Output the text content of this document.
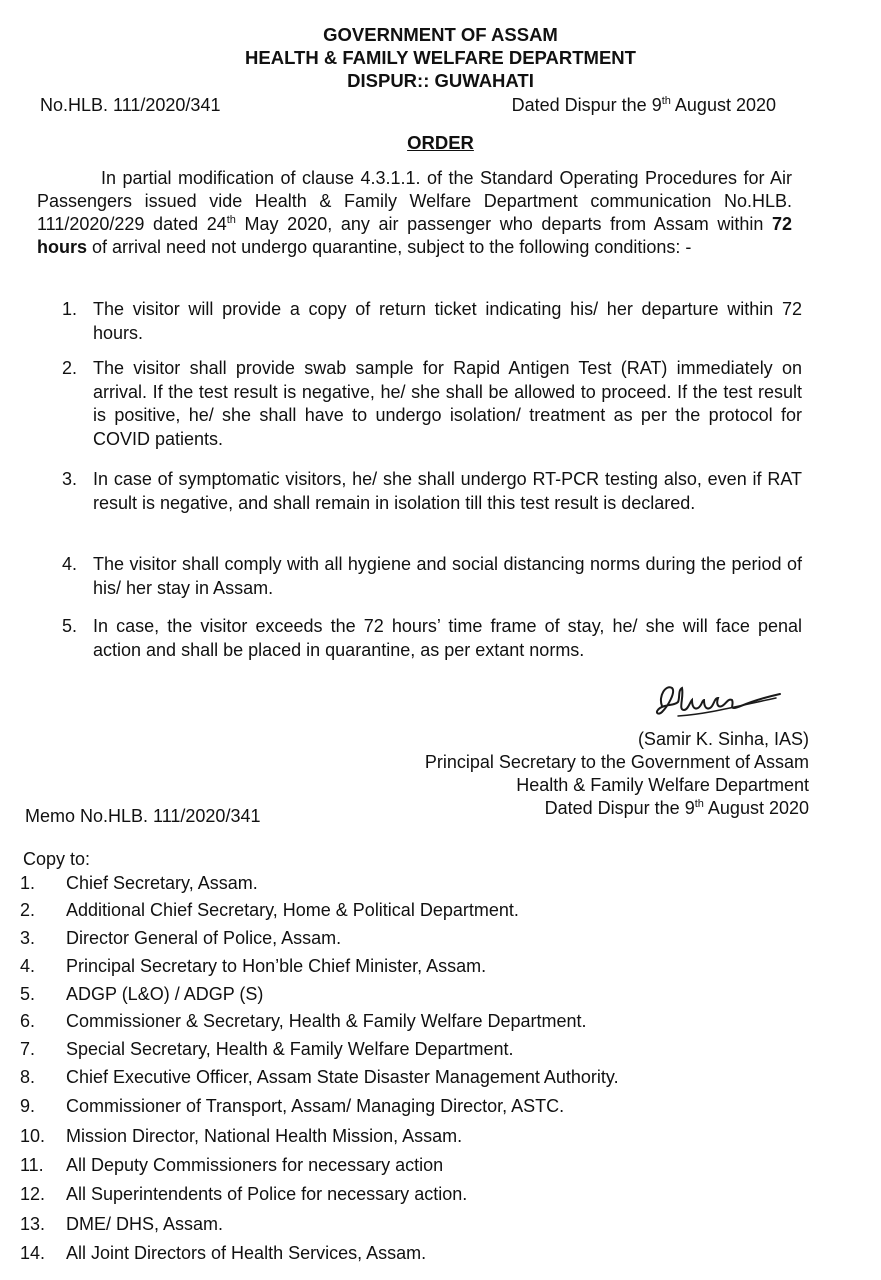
GOVERNMENT OF ASSAM
HEALTH & FAMILY WELFARE DEPARTMENT
DISPUR:: GUWAHATI
No.HLB. 111/2020/341	Dated Dispur the 9th August 2020
ORDER
In partial modification of clause 4.3.1.1. of the Standard Operating Procedures for Air Passengers issued vide Health & Family Welfare Department communication No.HLB. 111/2020/229 dated 24th May 2020, any air passenger who departs from Assam within 72 hours of arrival need not undergo quarantine, subject to the following conditions: -
1. The visitor will provide a copy of return ticket indicating his/ her departure within 72 hours.
2. The visitor shall provide swab sample for Rapid Antigen Test (RAT) immediately on arrival. If the test result is negative, he/ she shall be allowed to proceed. If the test result is positive, he/ she shall have to undergo isolation/ treatment as per the protocol for COVID patients.
3. In case of symptomatic visitors, he/ she shall undergo RT-PCR testing also, even if RAT result is negative, and shall remain in isolation till this test result is declared.
4. The visitor shall comply with all hygiene and social distancing norms during the period of his/ her stay in Assam.
5. In case, the visitor exceeds the 72 hours’ time frame of stay, he/ she will face penal action and shall be placed in quarantine, as per extant norms.
(Samir K. Sinha, IAS)
Principal Secretary to the Government of Assam
Health & Family Welfare Department
Dated Dispur the 9th August 2020
Memo No.HLB. 111/2020/341
Copy to:
1. Chief Secretary, Assam.
2. Additional Chief Secretary, Home & Political Department.
3. Director General of Police, Assam.
4. Principal Secretary to Hon’ble Chief Minister, Assam.
5. ADGP (L&O) / ADGP (S)
6. Commissioner & Secretary, Health & Family Welfare Department.
7. Special Secretary, Health & Family Welfare Department.
8. Chief Executive Officer, Assam State Disaster Management Authority.
9. Commissioner of Transport, Assam/ Managing Director, ASTC.
10. Mission Director, National Health Mission, Assam.
11. All Deputy Commissioners for necessary action
12. All Superintendents of Police for necessary action.
13. DME/ DHS, Assam.
14. All Joint Directors of Health Services, Assam.
